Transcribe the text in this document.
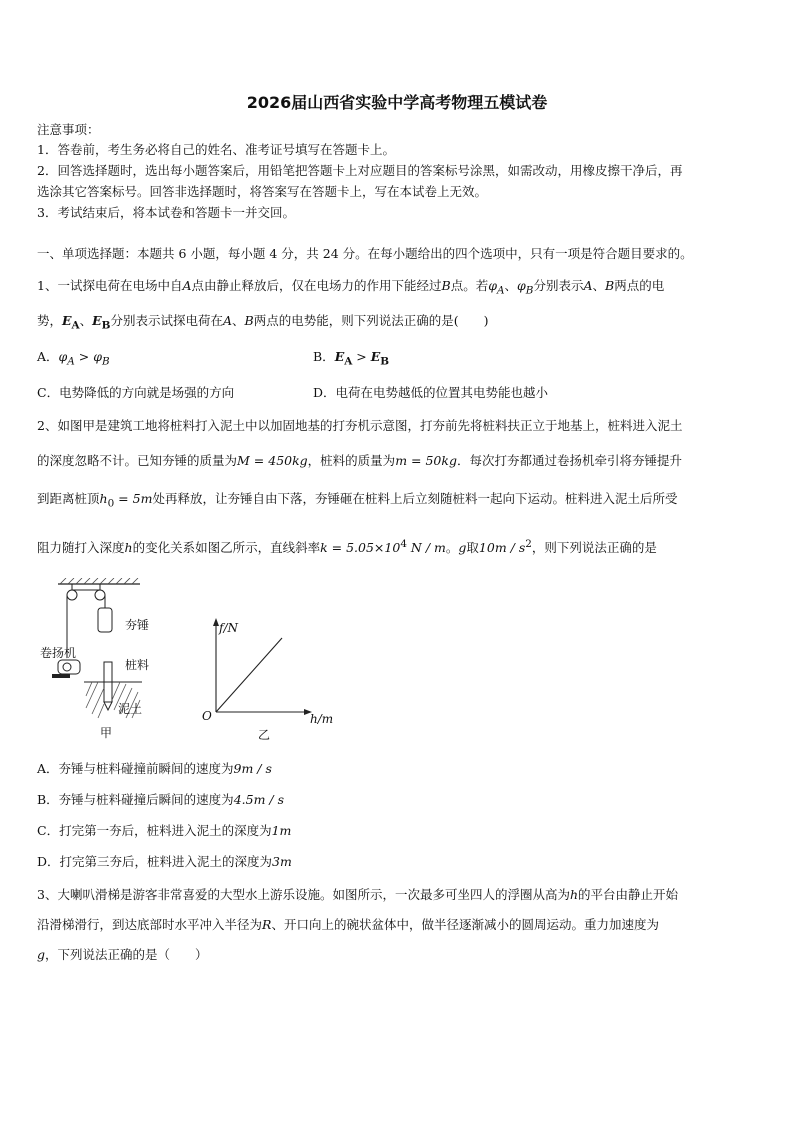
2026届山西省实验中学高考物理五模试卷
注意事项：
1．答卷前，考生务必将自己的姓名、准考证号填写在答题卡上。
2．回答选择题时，选出每小题答案后，用铅笔把答题卡上对应题目的答案标号涂黑，如需改动，用橡皮擦干净后，再
选涂其它答案标号。回答非选择题时，将答案写在答题卡上，写在本试卷上无效。
3．考试结束后，将本试卷和答题卡一并交回。
一、单项选择题：本题共 6 小题，每小题 4 分，共 24 分。在每小题给出的四个选项中，只有一项是符合题目要求的。
1、一试探电荷在电场中自A点由静止释放后，仅在电场力的作用下能经过B点。若$\varphi_A$、$\varphi_B$分别表示A、B两点的电
势，$E_A$、$E_B$分别表示试探电荷在A、B两点的电势能，则下列说法正确的是(　　)
A．$\varphi_A > \varphi_B$	B．$E_A > E_B$
C．电势降低的方向就是场强的方向	D．电荷在电势越低的位置其电势能也越小
2、如图甲是建筑工地将桩料打入泥土中以加固地基的打夯机示意图，打夯前先将桩料扶正立于地基上，桩料进入泥土
的深度忽略不计。已知夯锤的质量为M = 450kg，桩料的质量为m = 50kg．每次打夯都通过卷扬机牵引将夯锤提升
到距离桩顶$h_0 = 5m$处再释放，让夯锤自由下落，夯锤砸在桩料上后立刻随桩料一起向下运动。桩料进入泥土后所受
阻力随打入深度h的变化关系如图乙所示，直线斜率$k = 5.05\times 10^4$ N / m。g取$10m / s^2$，则下列说法正确的是
夯锤
卷扬机
桩料
泥土
甲
f/N
O	h/m
乙
A．夯锤与桩料碰撞前瞬间的速度为9m / s
B．夯锤与桩料碰撞后瞬间的速度为4.5m / s
C．打完第一夯后，桩料进入泥土的深度为1m
D．打完第三夯后，桩料进入泥土的深度为3m
3、大喇叭滑梯是游客非常喜爱的大型水上游乐设施。如图所示，一次最多可坐四人的浮圈从高为h的平台由静止开始
沿滑梯滑行，到达底部时水平冲入半径为R、开口向上的碗状盆体中，做半径逐渐减小的圆周运动。重力加速度为
g，下列说法正确的是（　　）
